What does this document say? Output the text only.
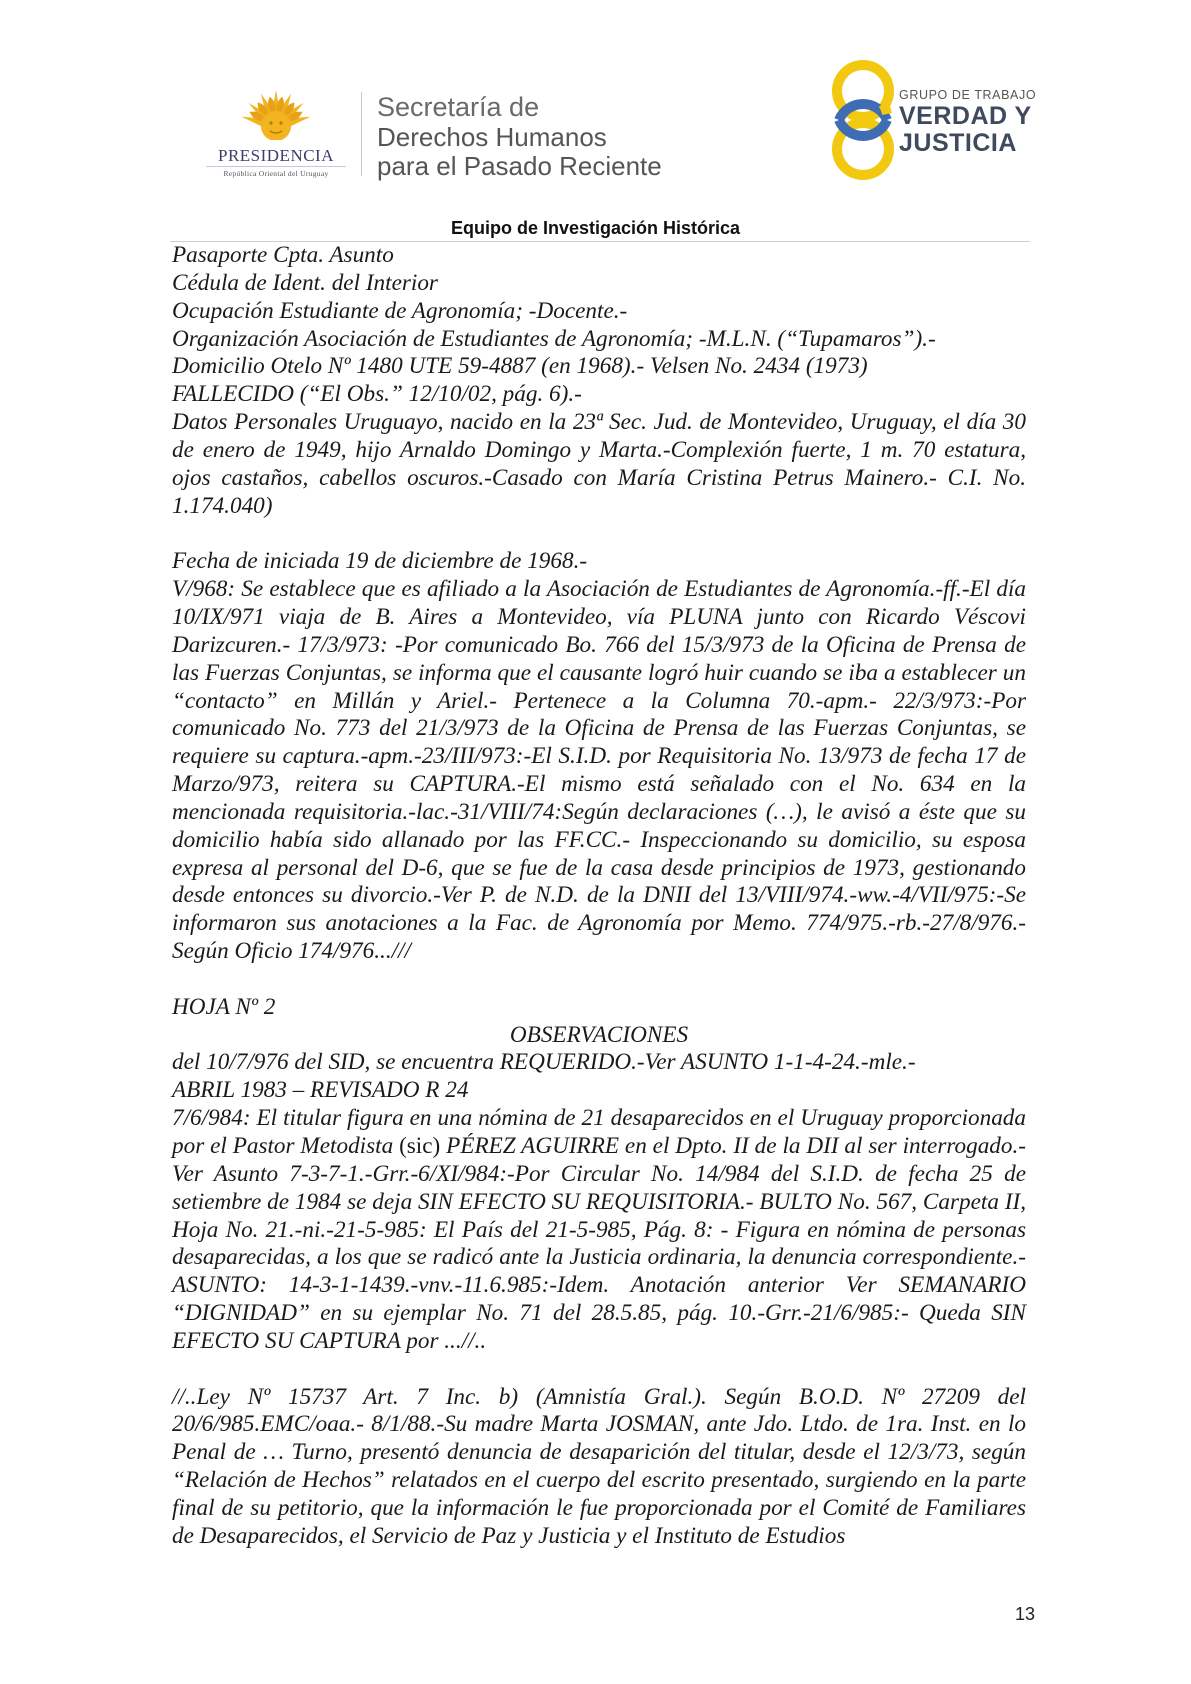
PRESIDENCIA
República Oriental del Uruguay
Secretaría de
Derechos Humanos
para el Pasado Reciente
GRUPO DE TRABAJO
VERDAD Y
JUSTICIA
Equipo de Investigación Histórica

Pasaporte Cpta. Asunto

Cédula de Ident. del Interior

Ocupación Estudiante de Agronomía; -Docente.-

Organización Asociación de Estudiantes de Agronomía; -M.L.N. (“Tupamaros”).-

Domicilio Otelo Nº 1480 UTE 59-4887 (en 1968).- Velsen No. 2434 (1973)

FALLECIDO (“El Obs.” 12/10/02, pág. 6).-

Datos Personales Uruguayo, nacido en la 23ª Sec. Jud. de Montevideo, Uruguay, el día 30 de enero de 1949, hijo Arnaldo Domingo y Marta.-Complexión fuerte, 1 m. 70 estatura, ojos castaños, cabellos oscuros.-Casado con María Cristina Petrus Mainero.- C.I. No. 1.174.040)

Fecha de iniciada 19 de diciembre de 1968.-

V/968: Se establece que es afiliado a la Asociación de Estudiantes de Agronomía.-ff.-El día 10/IX/971 viaja de B. Aires a Montevideo, vía PLUNA junto con Ricardo Véscovi Darizcuren.- 17/3/973: -Por comunicado Bo. 766 del 15/3/973 de la Oficina de Prensa de las Fuerzas Conjuntas, se informa que el causante logró huir cuando se iba a establecer un “contacto” en Millán y Ariel.- Pertenece a la Columna 70.-apm.- 22/3/973:-Por comunicado No. 773 del 21/3/973 de la Oficina de Prensa de las Fuerzas Conjuntas, se requiere su captura.-apm.-23/III/973:-El S.I.D. por Requisitoria No. 13/973 de fecha 17 de Marzo/973, reitera su CAPTURA.-El mismo está señalado con el No. 634 en la mencionada requisitoria.-lac.-31/VIII/74:Según declaraciones (…), le avisó a éste que su domicilio había sido allanado por las FF.CC.- Inspeccionando su domicilio, su esposa expresa al personal del D-6, que se fue de la casa desde principios de 1973, gestionando desde entonces su divorcio.-Ver P. de N.D. de la DNII del 13/VIII/974.-ww.-4/VII/975:-Se informaron sus anotaciones a la Fac. de Agronomía por Memo. 774/975.-rb.-27/8/976.-Según Oficio 174/976...///

HOJA Nº 2

OBSERVACIONES

del 10/7/976 del SID, se encuentra REQUERIDO.-Ver ASUNTO 1-1-4-24.-mle.-

ABRIL 1983 – REVISADO R 24

7/6/984: El titular figura en una nómina de 21 desaparecidos en el Uruguay proporcionada por el Pastor Metodista (sic) PÉREZ AGUIRRE en el Dpto. II de la DII al ser interrogado.- Ver Asunto 7-3-7-1.-Grr.-6/XI/984:-Por Circular No. 14/984 del S.I.D. de fecha 25 de setiembre de 1984 se deja SIN EFECTO SU REQUISITORIA.- BULTO No. 567, Carpeta II, Hoja No. 21.-ni.-21-5-985: El País del 21-5-985, Pág. 8: - Figura en nómina de personas desaparecidas, a los que se radicó ante la Justicia ordinaria, la denuncia correspondiente.-ASUNTO: 14-3-1-1439.-vnv.-11.6.985:-Idem. Anotación anterior Ver SEMANARIO “DIGNIDAD” en su ejemplar No. 71 del 28.5.85, pág. 10.-Grr.-21/6/985:- Queda SIN EFECTO SU CAPTURA por ...//..

//..Ley Nº 15737 Art. 7 Inc. b) (Amnistía Gral.). Según B.O.D. Nº 27209 del 20/6/985.EMC/oaa.- 8/1/88.-Su madre Marta JOSMAN, ante Jdo. Ltdo. de 1ra. Inst. en lo Penal de … Turno, presentó denuncia de desaparición del titular, desde el 12/3/73, según “Relación de Hechos” relatados en el cuerpo del escrito presentado, surgiendo en la parte final de su petitorio, que la información le fue proporcionada por el Comité de Familiares de Desaparecidos, el Servicio de Paz y Justicia y el Instituto de Estudios

13
